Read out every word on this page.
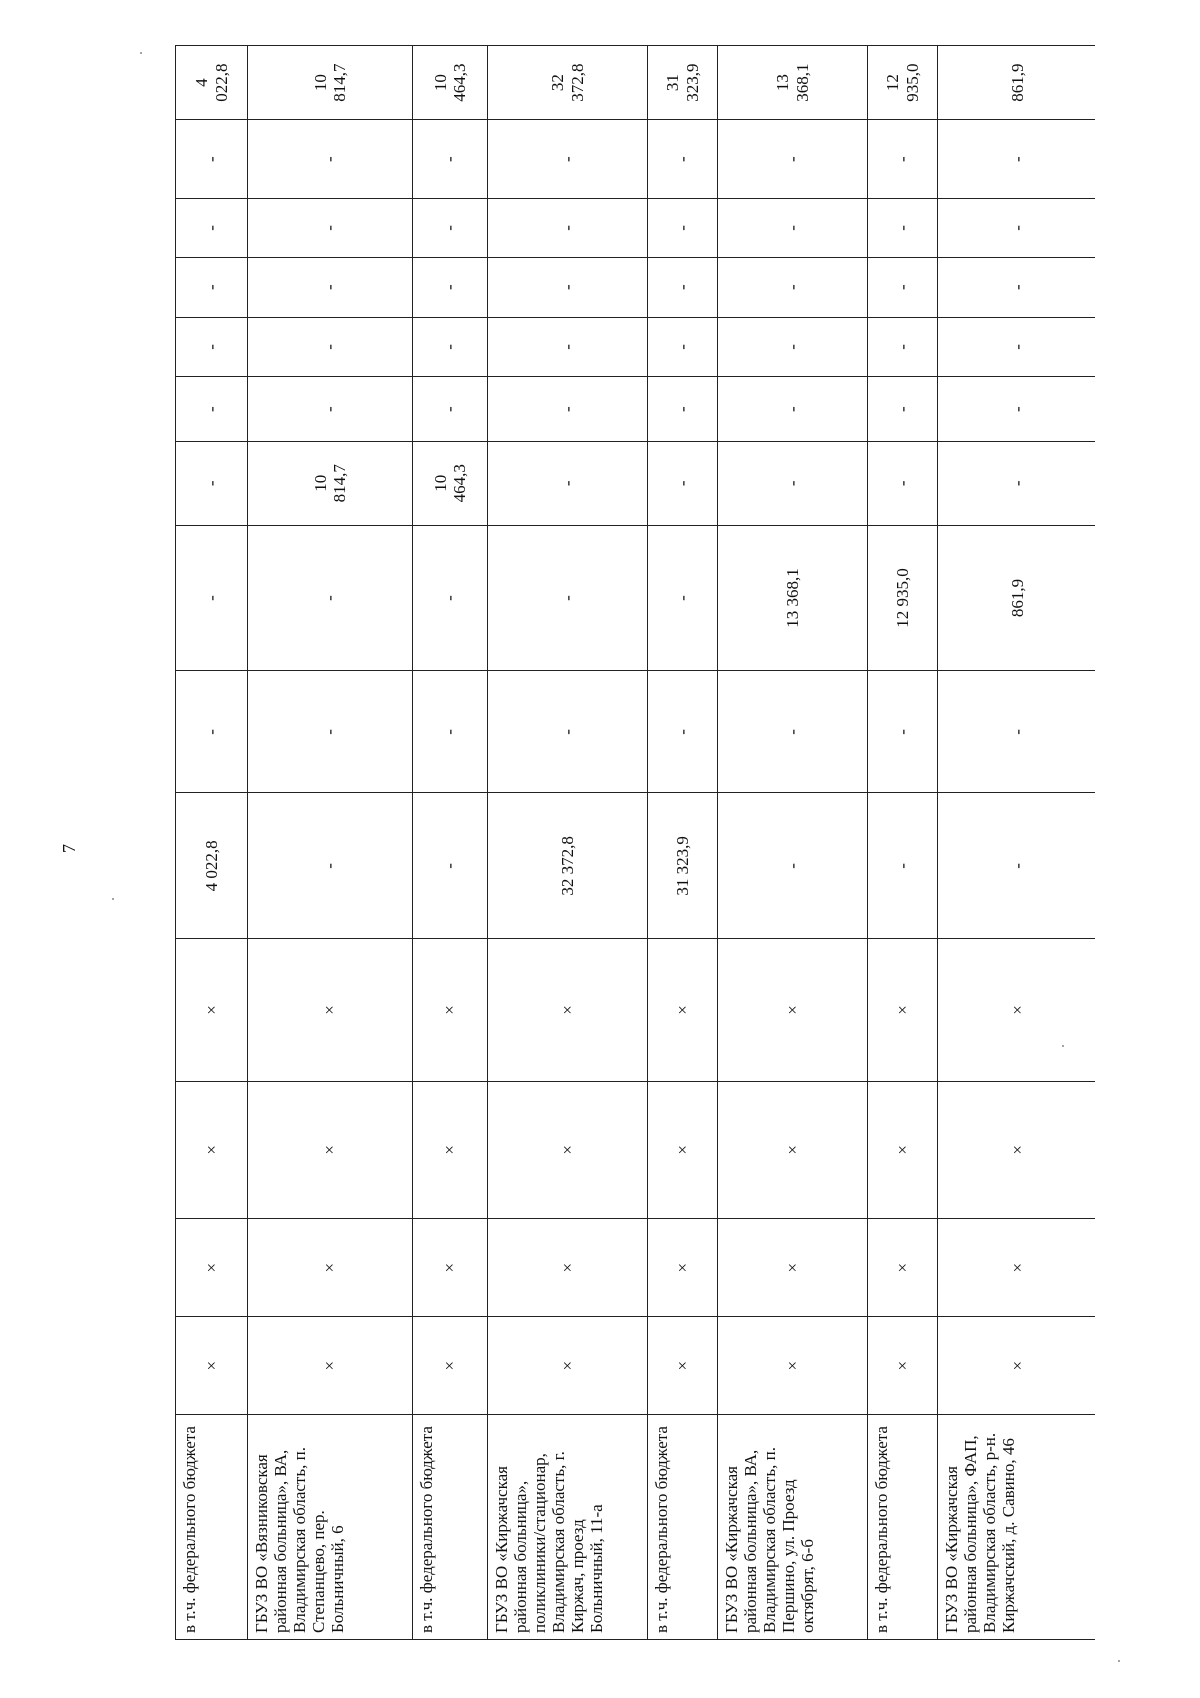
7
в т.ч. федерального бюджета	×	×	×	×	4 022,8	-	-	-	-	-	-	-	-	4 022,8
ГБУЗ ВО «Вязниковская районная больница», ВА, Владимирская область, п. Степанцево, пер. Больничный, 6	×	×	×	×	-	-	-	10 814,7	-	-	-	-	-	10 814,7
в т.ч. федерального бюджета	×	×	×	×	-	-	-	10 464,3	-	-	-	-	-	10 464,3
ГБУЗ ВО «Киржачская районная больница», поликлиники/стационар, Владимирская область, г. Киржач, проезд Больничный, 11-а	×	×	×	×	32 372,8	-	-	-	-	-	-	-	-	32 372,8
в т.ч. федерального бюджета	×	×	×	×	31 323,9	-	-	-	-	-	-	-	-	31 323,9
ГБУЗ ВО «Киржачская районная больница», ВА, Владимирская область, п. Першино, ул. Проезд октябрят, 6-б	×	×	×	×	-	-	13 368,1	-	-	-	-	-	-	13 368,1
в т.ч. федерального бюджета	×	×	×	×	-	-	12 935,0	-	-	-	-	-	-	12 935,0
ГБУЗ ВО «Киржачская районная больница», ФАП, Владимирская область, р-н. Киржачский, д. Савино, 46	×	×	×	×	-	-	861,9	-	-	-	-	-	-	861,9
